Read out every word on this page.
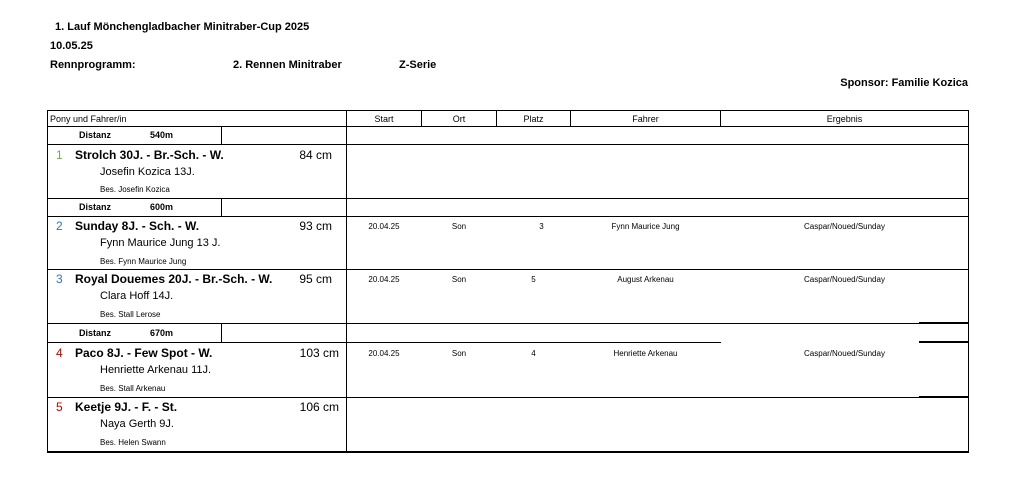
1. Lauf Mönchengladbacher Minitraber-Cup 2025
10.05.25
Rennprogramm:	2. Rennen Minitraber	Z-Serie
Sponsor: Familie Kozica
Pony und Fahrer/in	Start	Ort	Platz	Fahrer	Ergebnis
Distanz	540m
1 Strolch 30J. - Br.-Sch. - W.	84 cm
Josefin Kozica 13J.
Bes. Josefin Kozica
Distanz	600m
2 Sunday 8J. - Sch. - W.	93 cm
Fynn Maurice Jung 13 J.
Bes. Fynn Maurice Jung
20.04.25	Son	3	Fynn Maurice Jung	Caspar/Noued/Sunday
3 Royal Douemes 20J. - Br.-Sch. - W.	95 cm
Clara Hoff 14J.
Bes. Stall Lerose
20.04.25	Son	5	August Arkenau	Caspar/Noued/Sunday
Distanz	670m
4 Paco 8J. - Few Spot - W.	103 cm
Henriette Arkenau 11J.
Bes. Stall Arkenau
20.04.25	Son	4	Henriette Arkenau	Caspar/Noued/Sunday
5 Keetje 9J. - F. - St.	106 cm
Naya Gerth 9J.
Bes. Helen Swann
